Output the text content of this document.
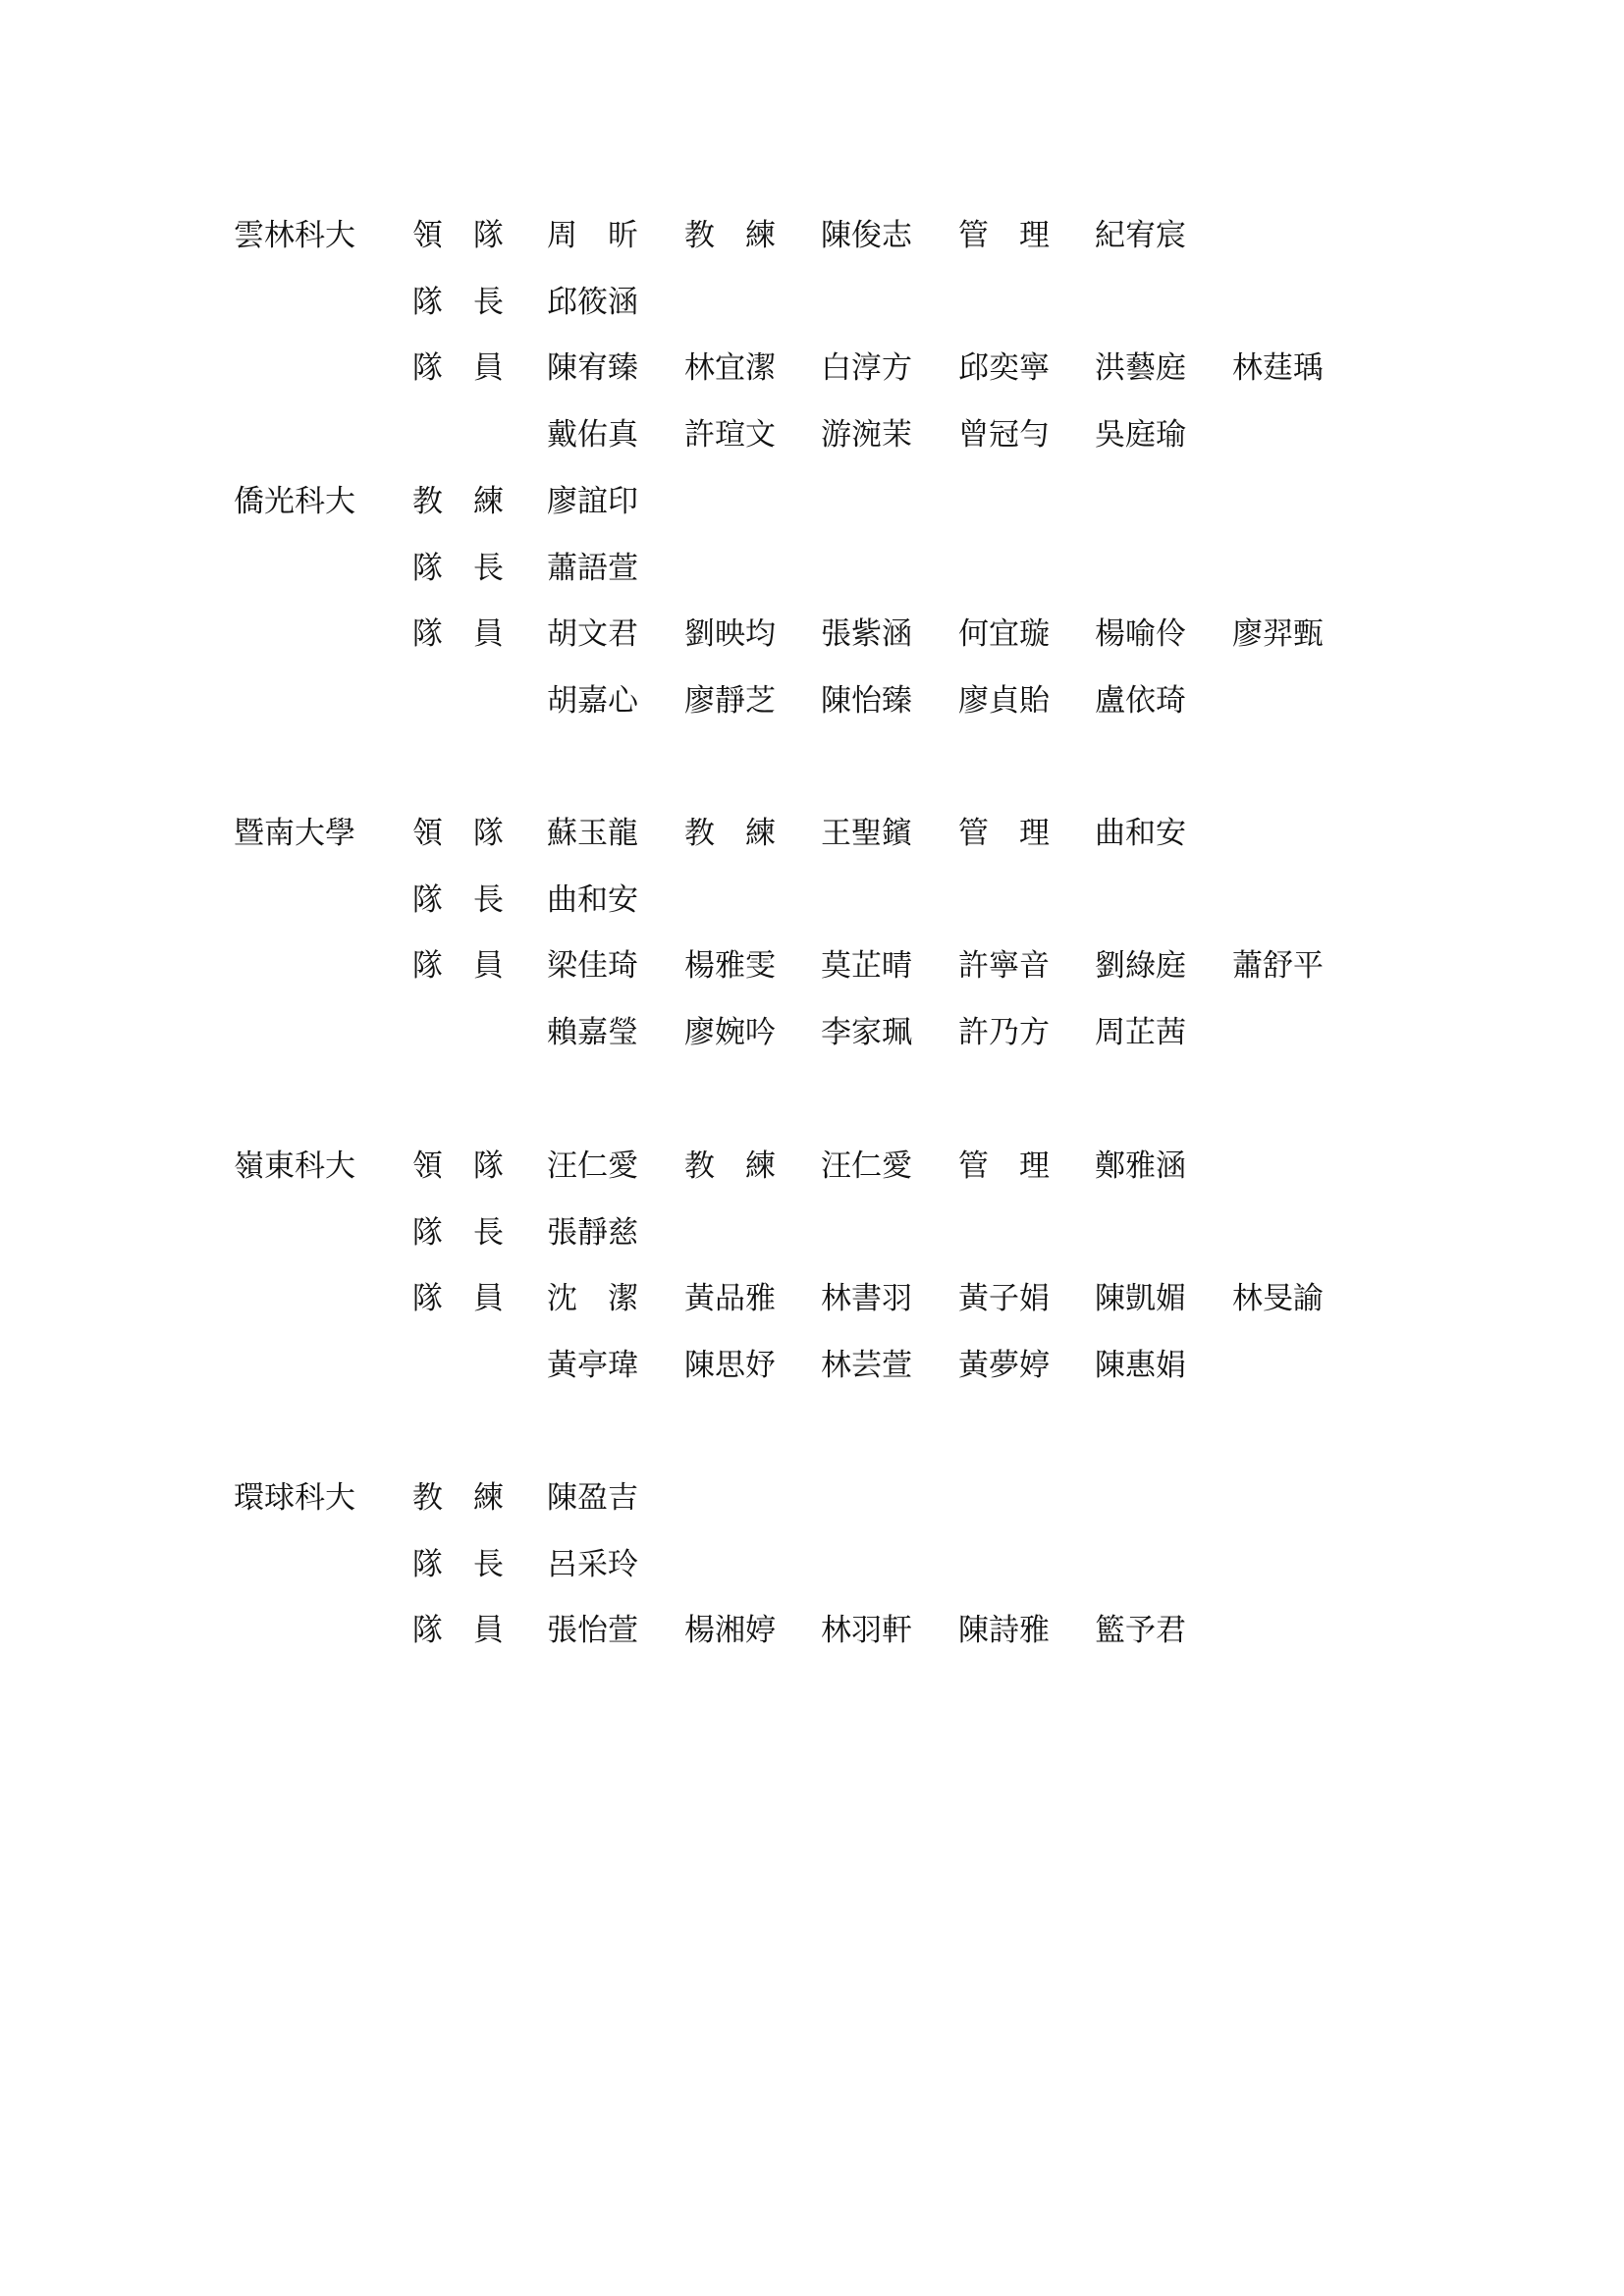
雲林科大 領　隊 周　昕 教　練 陳俊志 管　理 紀宥宸
隊　長 邱筱涵
隊　員 陳宥臻 林宜潔 白淳方 邱奕寧 洪藝庭 林莛瑀
戴佑真 許瑄文 游涴茉 曾冠勻 吳庭瑜
僑光科大 教　練 廖誼印
隊　長 蕭語萱
隊　員 胡文君 劉映均 張紫涵 何宜璇 楊喻伶 廖羿甄
胡嘉心 廖靜芝 陳怡臻 廖貞貽 盧依琦
暨南大學 領　隊 蘇玉龍 教　練 王聖鑌 管　理 曲和安
隊　長 曲和安
隊　員 梁佳琦 楊雅雯 莫芷晴 許寧音 劉綠庭 蕭舒平
賴嘉瑩 廖婉吟 李家珮 許乃方 周芷茜
嶺東科大 領　隊 汪仁愛 教　練 汪仁愛 管　理 鄭雅涵
隊　長 張靜慈
隊　員 沈　潔 黃品雅 林書羽 黃子娟 陳凱媚 林旻諭
黃亭瑋 陳思妤 林芸萱 黃夢婷 陳惠娟
環球科大 教　練 陳盈吉
隊　長 呂采玲
隊　員 張怡萱 楊湘婷 林羽軒 陳詩雅 籃予君
